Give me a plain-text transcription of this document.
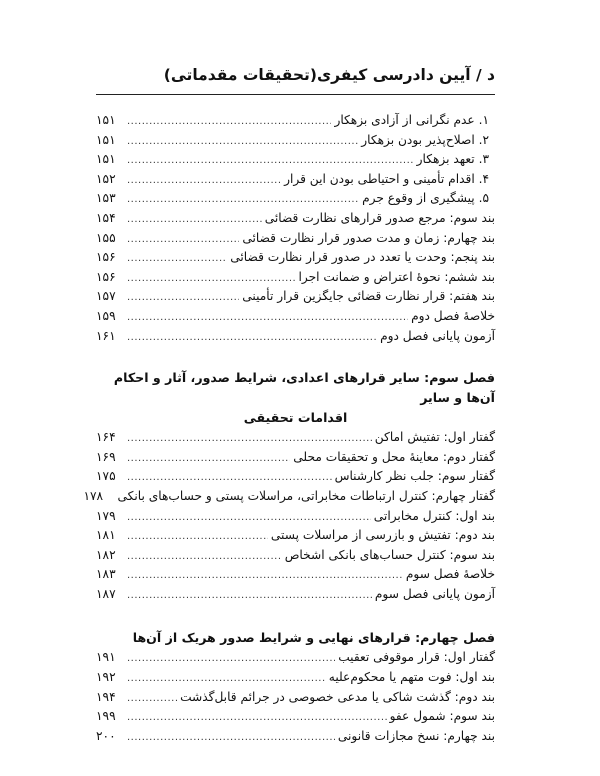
د / آیین دادرسی کیفری(تحقیقات مقدماتی)
۱. عدم نگرانی از آزادی بزهکار
.....
۱۵۱
۲. اصلاح‌پذیر بودن بزهکار
.....
۱۵۱
۳. تعهد بزهکار
.....
۱۵۱
۴. اقدام تأمینی و احتیاطی بودن این قرار
.....
۱۵۲
۵. پیشگیری از وقوع جرم
.....
۱۵۳
بند سوم: مرجع صدور قرارهای نظارت قضائی
.....
۱۵۴
بند چهارم: زمان و مدت صدور قرار نظارت قضائی
.....
۱۵۵
بند پنجم: وحدت یا تعدد در صدور قرار نظارت قضائی
.....
۱۵۶
بند ششم: نحوهٔ اعتراض و ضمانت اجرا
.....
۱۵۶
بند هفتم: قرار نظارت قضائی جایگزین قرار تأمینی
.....
۱۵۷
خلاصهٔ فصل دوم
.....
۱۵۹
آزمون پایانی فصل دوم
.....
۱۶۱
فصل سوم: سایر قرارهای اعدادی، شرایط صدور، آثار و احکام آن‌ها و سایر
اقدامات تحقیقی
گفتار اول: تفتیش اماکن
.....
۱۶۴
گفتار دوم: معاینهٔ محل و تحقیقات محلی
.....
۱۶۹
گفتار سوم: جلب نظر کارشناس
.....
۱۷۵
گفتار چهارم: کنترل ارتباطات مخابراتی، مراسلات پستی و حساب‌های بانکی
۱۷۸
بند اول: کنترل مخابراتی
.....
۱۷۹
بند دوم: تفتیش و بازرسی از مراسلات پستی
.....
۱۸۱
بند سوم: کنترل حساب‌های بانکی اشخاص
.....
۱۸۲
خلاصهٔ فصل سوم
.....
۱۸۳
آزمون پایانی فصل سوم
.....
۱۸۷
فصل چهارم: قرارهای نهایی و شرایط صدور هریک از آن‌ها
گفتار اول: قرار موقوفی تعقیب
.....
۱۹۱
بند اول: فوت متهم یا محکوم‌علیه
.....
۱۹۲
بند دوم: گذشت شاکی یا مدعی خصوصی در جرائم قابل‌گذشت
.....
۱۹۴
بند سوم: شمول عفو
.....
۱۹۹
بند چهارم: نسخ مجازات قانونی
.....
۲۰۰
